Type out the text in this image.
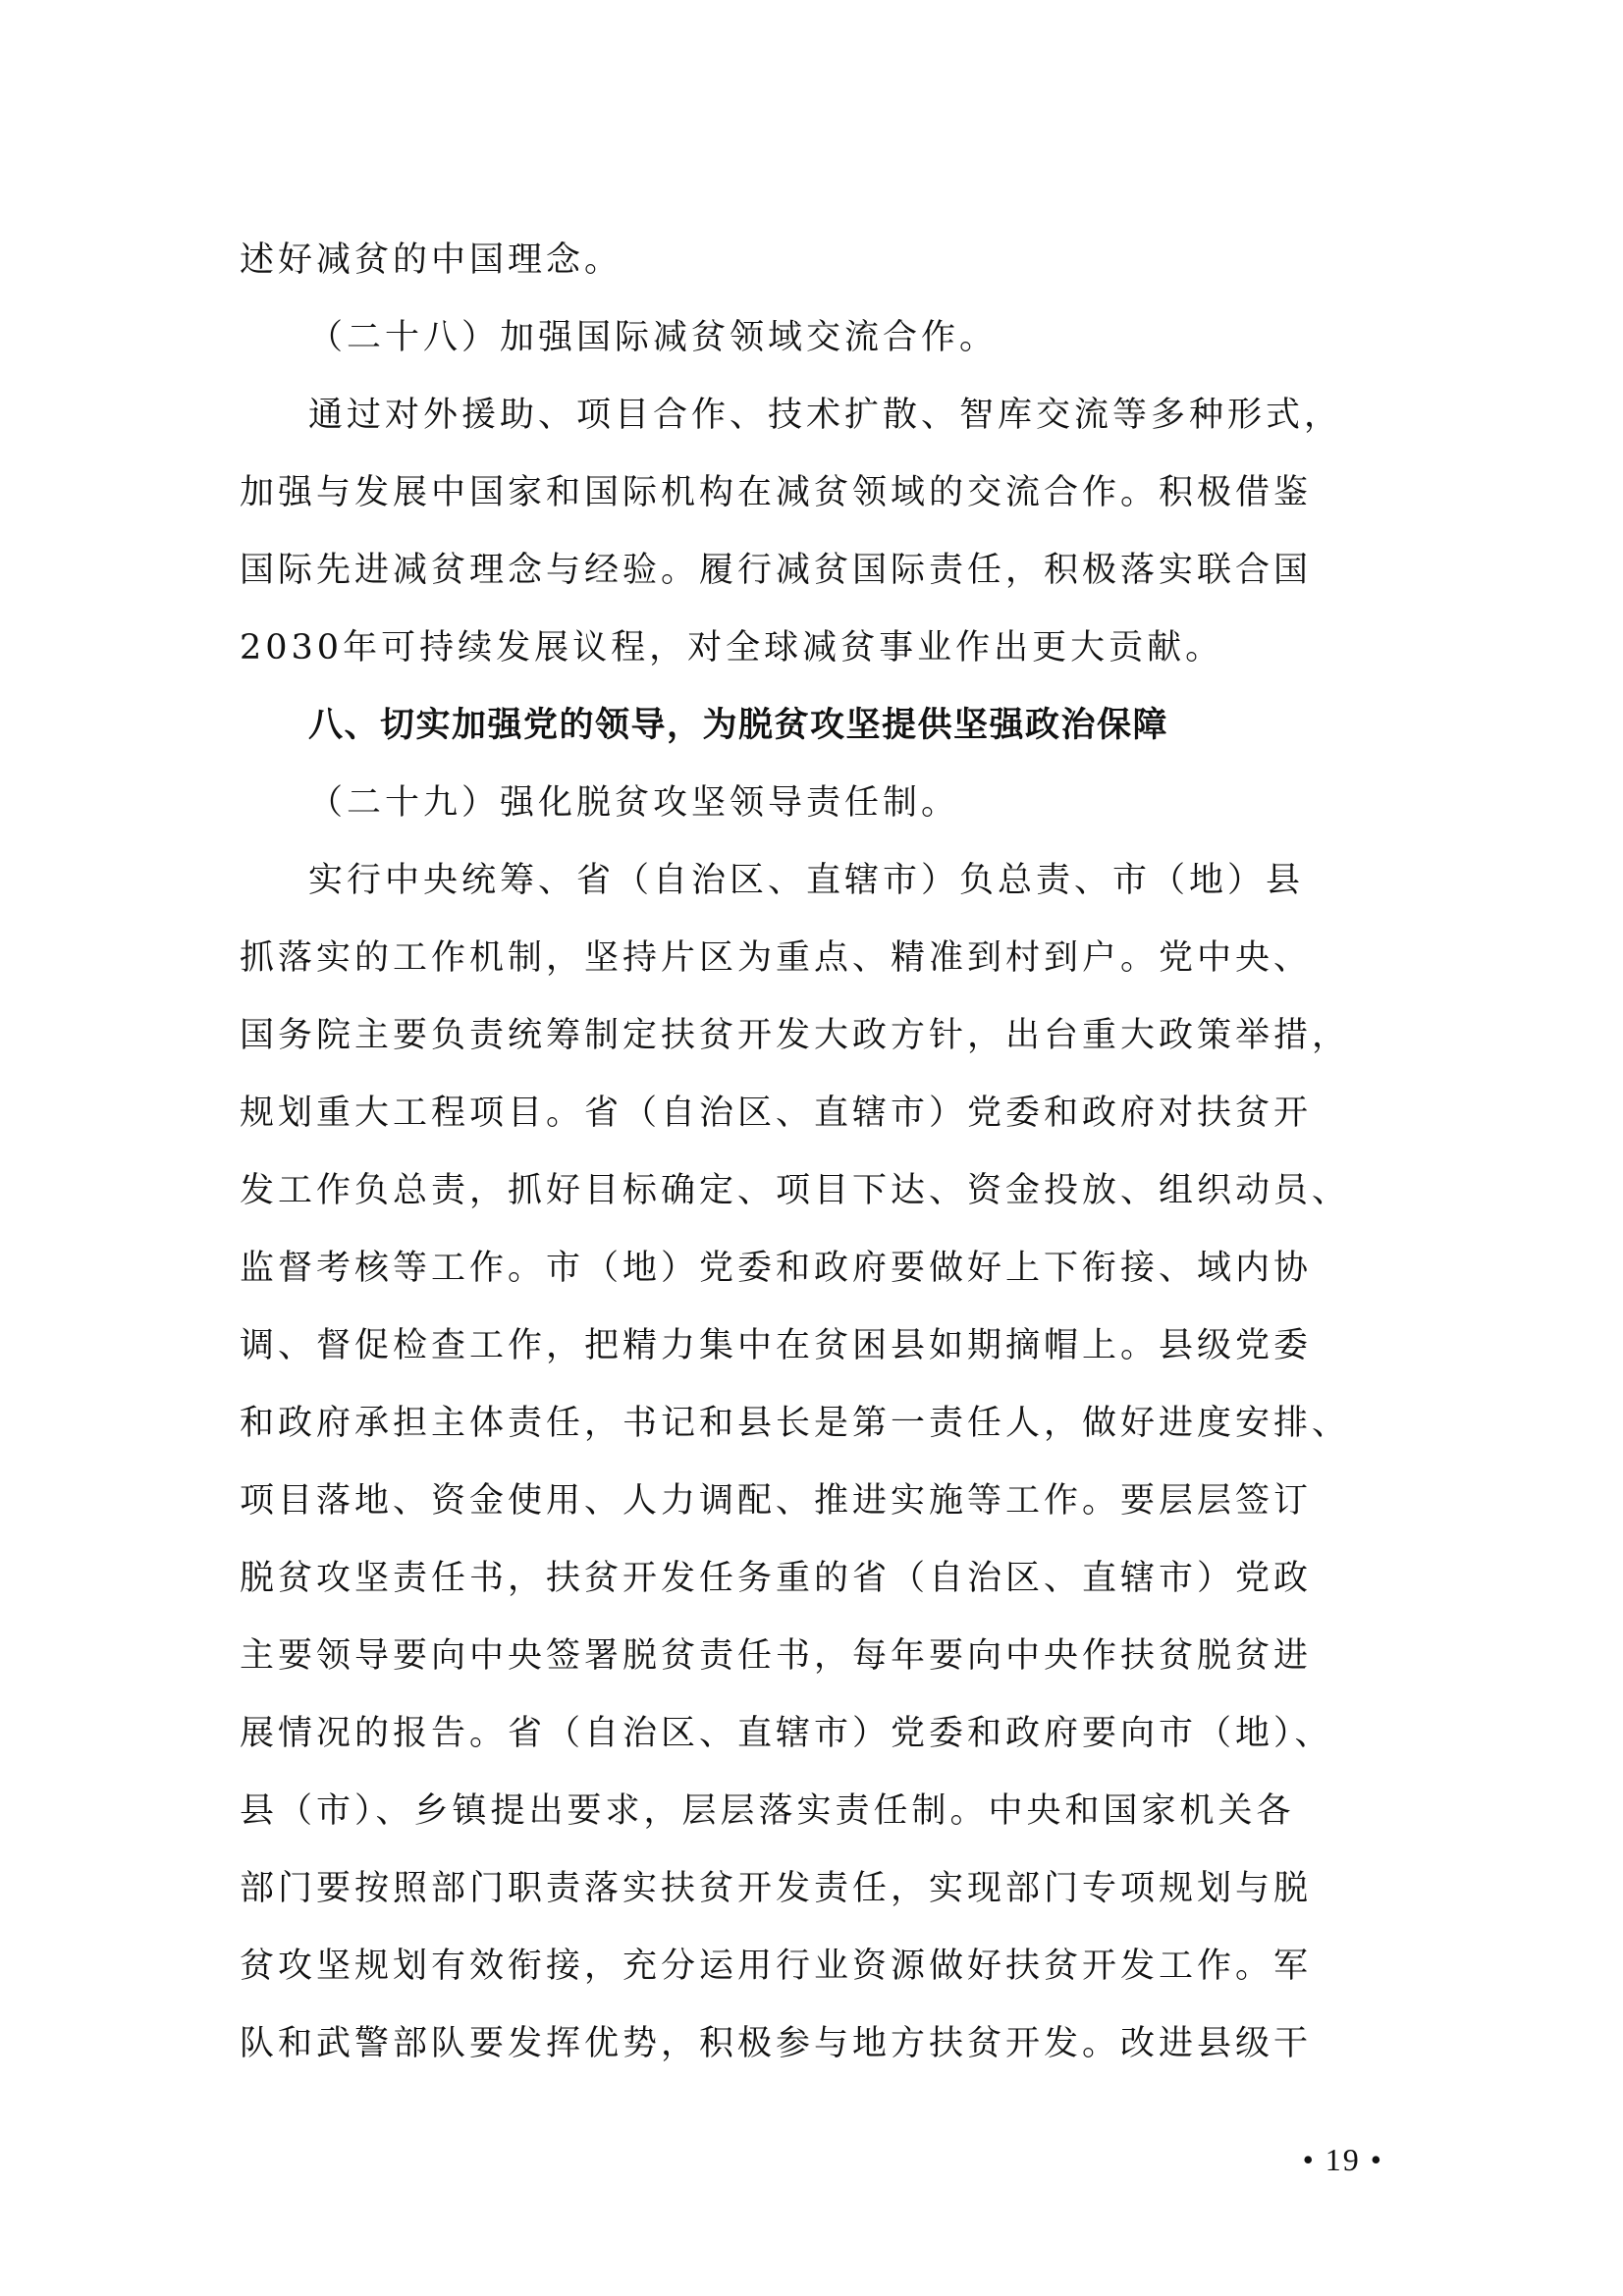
述好减贫的中国理念。
（二十八）加强国际减贫领域交流合作。
通过对外援助、项目合作、技术扩散、智库交流等多种形式，
加强与发展中国家和国际机构在减贫领域的交流合作。积极借鉴
国际先进减贫理念与经验。履行减贫国际责任，积极落实联合国
2030年可持续发展议程，对全球减贫事业作出更大贡献。
八、切实加强党的领导，为脱贫攻坚提供坚强政治保障
（二十九）强化脱贫攻坚领导责任制。
实行中央统筹、省（自治区、直辖市）负总责、市（地）县
抓落实的工作机制，坚持片区为重点、精准到村到户。党中央、
国务院主要负责统筹制定扶贫开发大政方针，出台重大政策举措，
规划重大工程项目。省（自治区、直辖市）党委和政府对扶贫开
发工作负总责，抓好目标确定、项目下达、资金投放、组织动员、
监督考核等工作。市（地）党委和政府要做好上下衔接、域内协
调、督促检查工作，把精力集中在贫困县如期摘帽上。县级党委
和政府承担主体责任，书记和县长是第一责任人，做好进度安排、
项目落地、资金使用、人力调配、推进实施等工作。要层层签订
脱贫攻坚责任书，扶贫开发任务重的省（自治区、直辖市）党政
主要领导要向中央签署脱贫责任书，每年要向中央作扶贫脱贫进
展情况的报告。省（自治区、直辖市）党委和政府要向市（地）、
县（市）、乡镇提出要求，层层落实责任制。中央和国家机关各
部门要按照部门职责落实扶贫开发责任，实现部门专项规划与脱
贫攻坚规划有效衔接，充分运用行业资源做好扶贫开发工作。军
队和武警部队要发挥优势，积极参与地方扶贫开发。改进县级干
• 19 •
